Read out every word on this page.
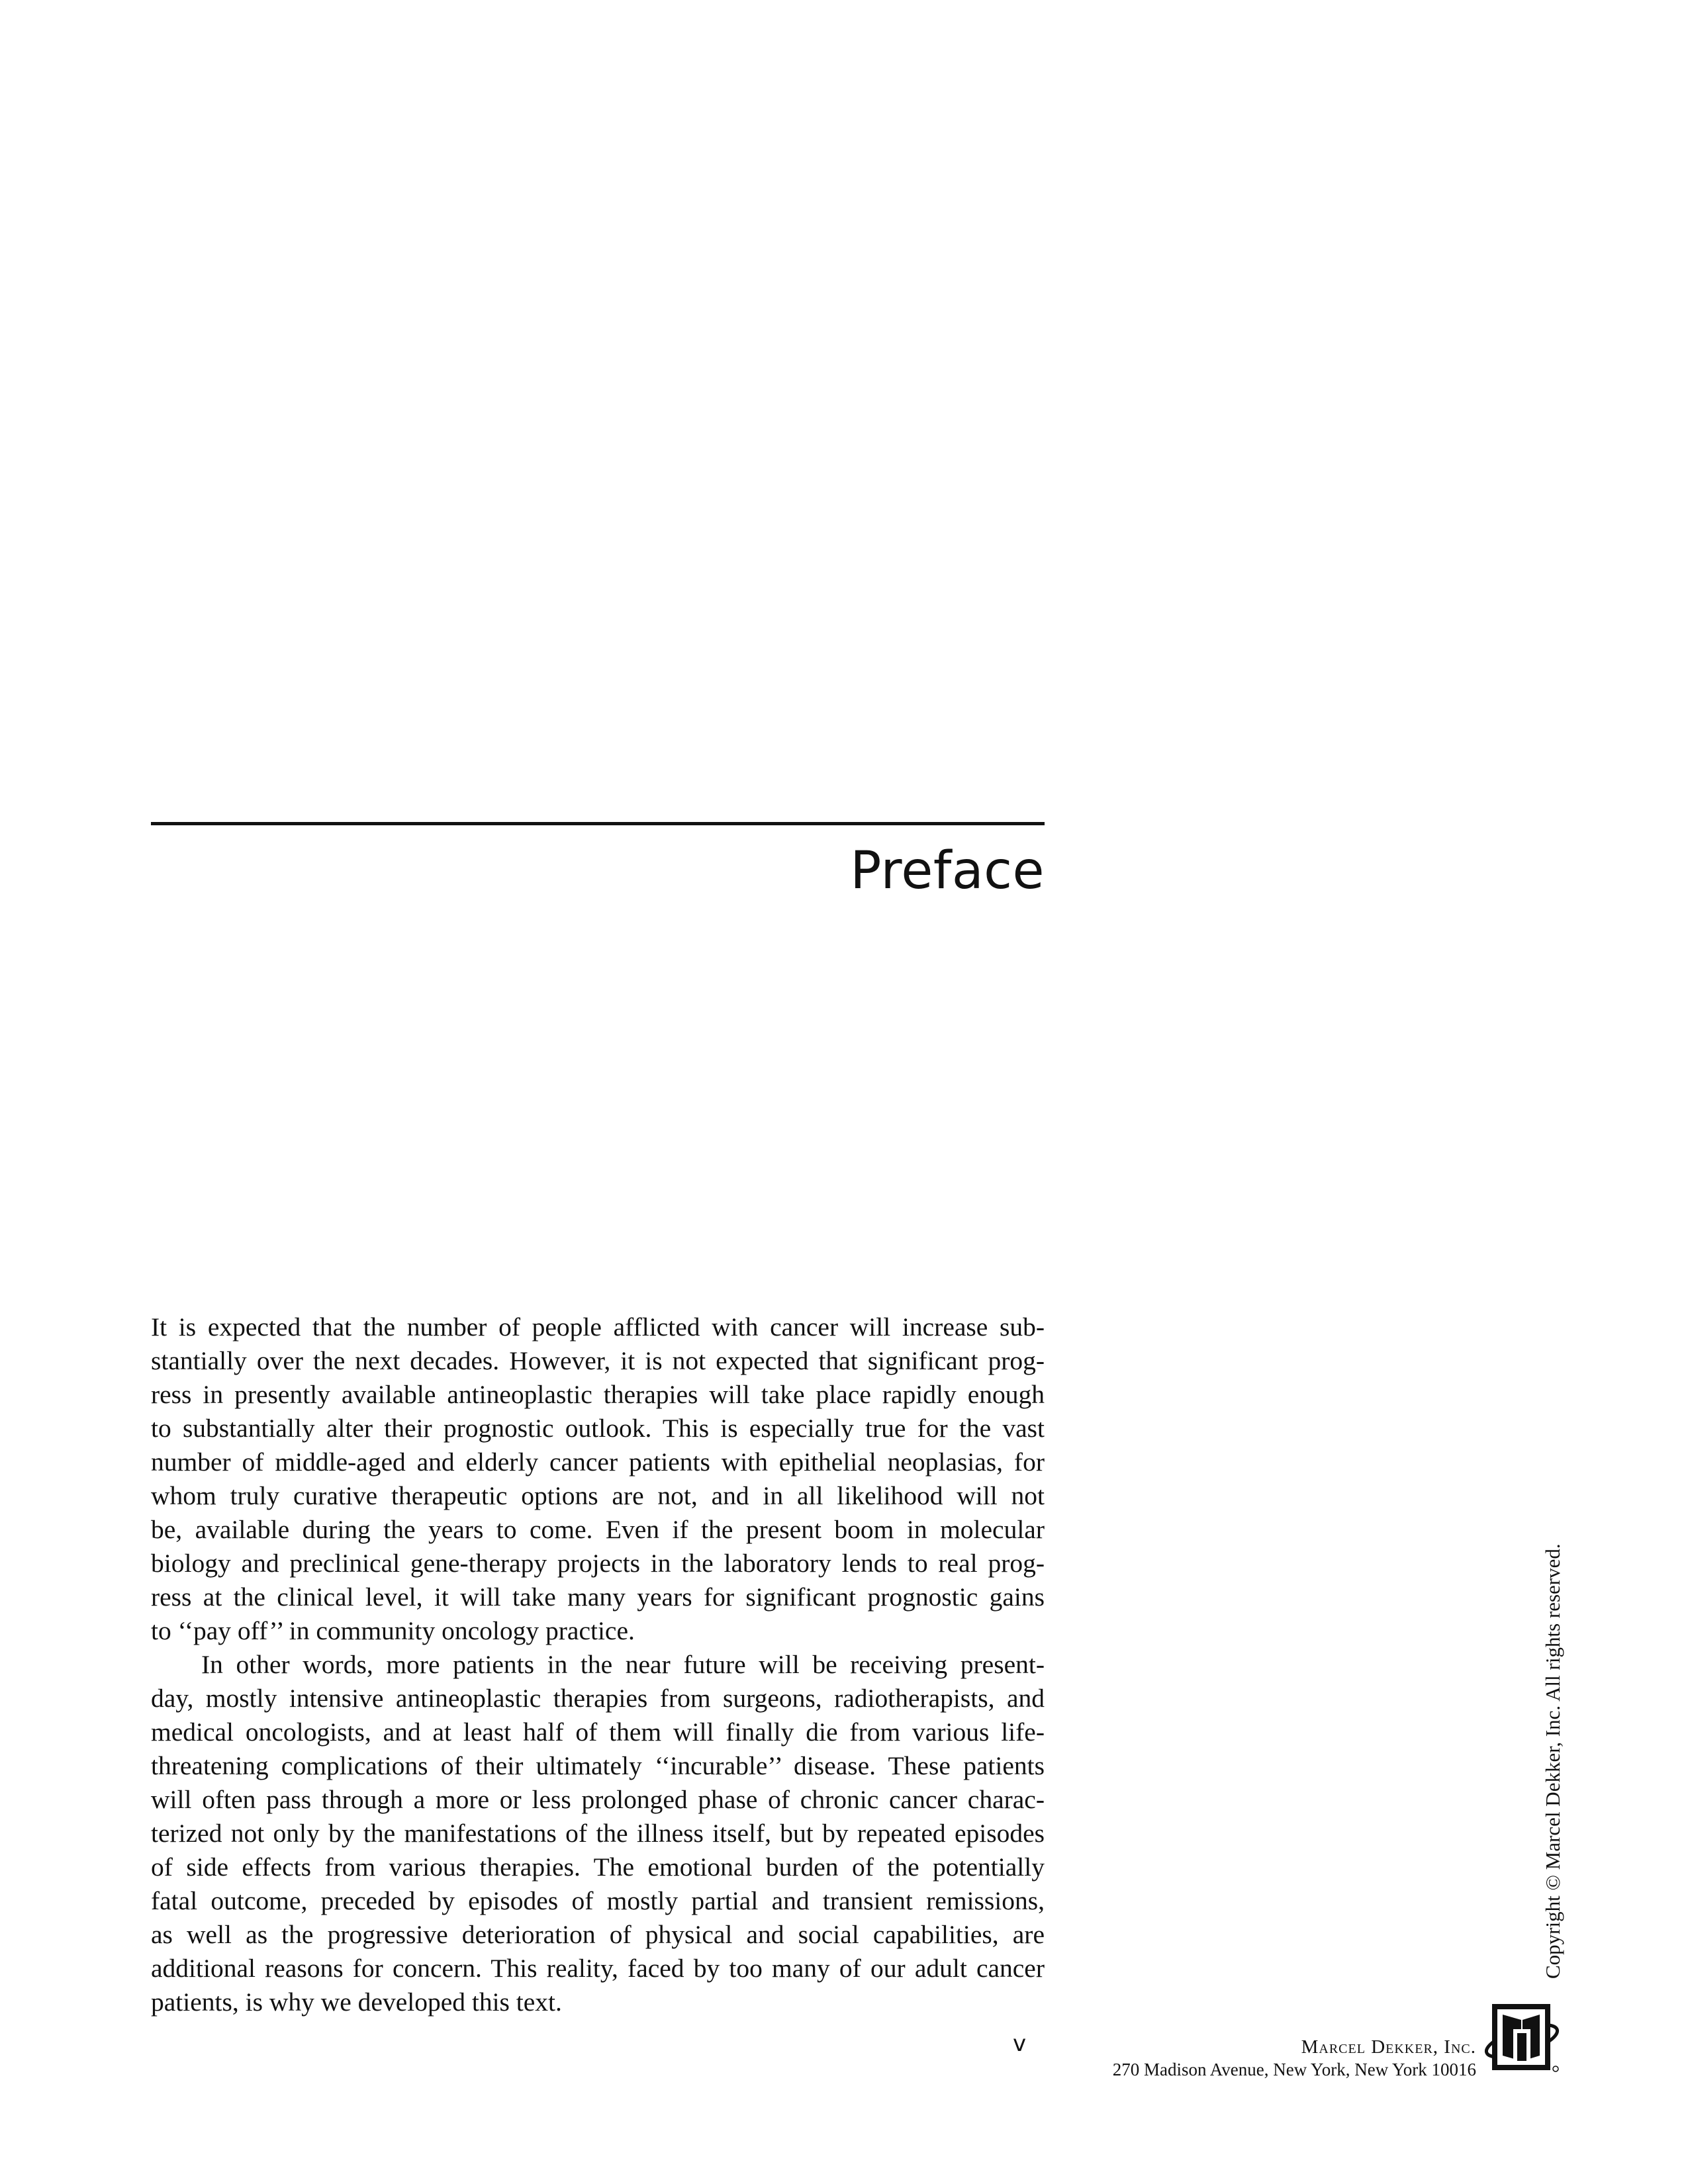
Preface
It is expected that the number of people afflicted with cancer will increase sub-
stantially over the next decades. However, it is not expected that significant prog-
ress in presently available antineoplastic therapies will take place rapidly enough
to substantially alter their prognostic outlook. This is especially true for the vast
number of middle-aged and elderly cancer patients with epithelial neoplasias, for
whom truly curative therapeutic options are not, and in all likelihood will not
be, available during the years to come. Even if the present boom in molecular
biology and preclinical gene-therapy projects in the laboratory lends to real prog-
ress at the clinical level, it will take many years for significant prognostic gains
to ‘‘pay off’’ in community oncology practice.
In other words, more patients in the near future will be receiving present-
day, mostly intensive antineoplastic therapies from surgeons, radiotherapists, and
medical oncologists, and at least half of them will finally die from various life-
threatening complications of their ultimately ‘‘incurable’’ disease. These patients
will often pass through a more or less prolonged phase of chronic cancer charac-
terized not only by the manifestations of the illness itself, but by repeated episodes
of side effects from various therapies. The emotional burden of the potentially
fatal outcome, preceded by episodes of mostly partial and transient remissions,
as well as the progressive deterioration of physical and social capabilities, are
additional reasons for concern. This reality, faced by too many of our adult cancer
patients, is why we developed this text.
v	Marcel Dekker, Inc.
270 Madison Avenue, New York, New York 10016
Copyright © Marcel Dekker, Inc. All rights reserved.
